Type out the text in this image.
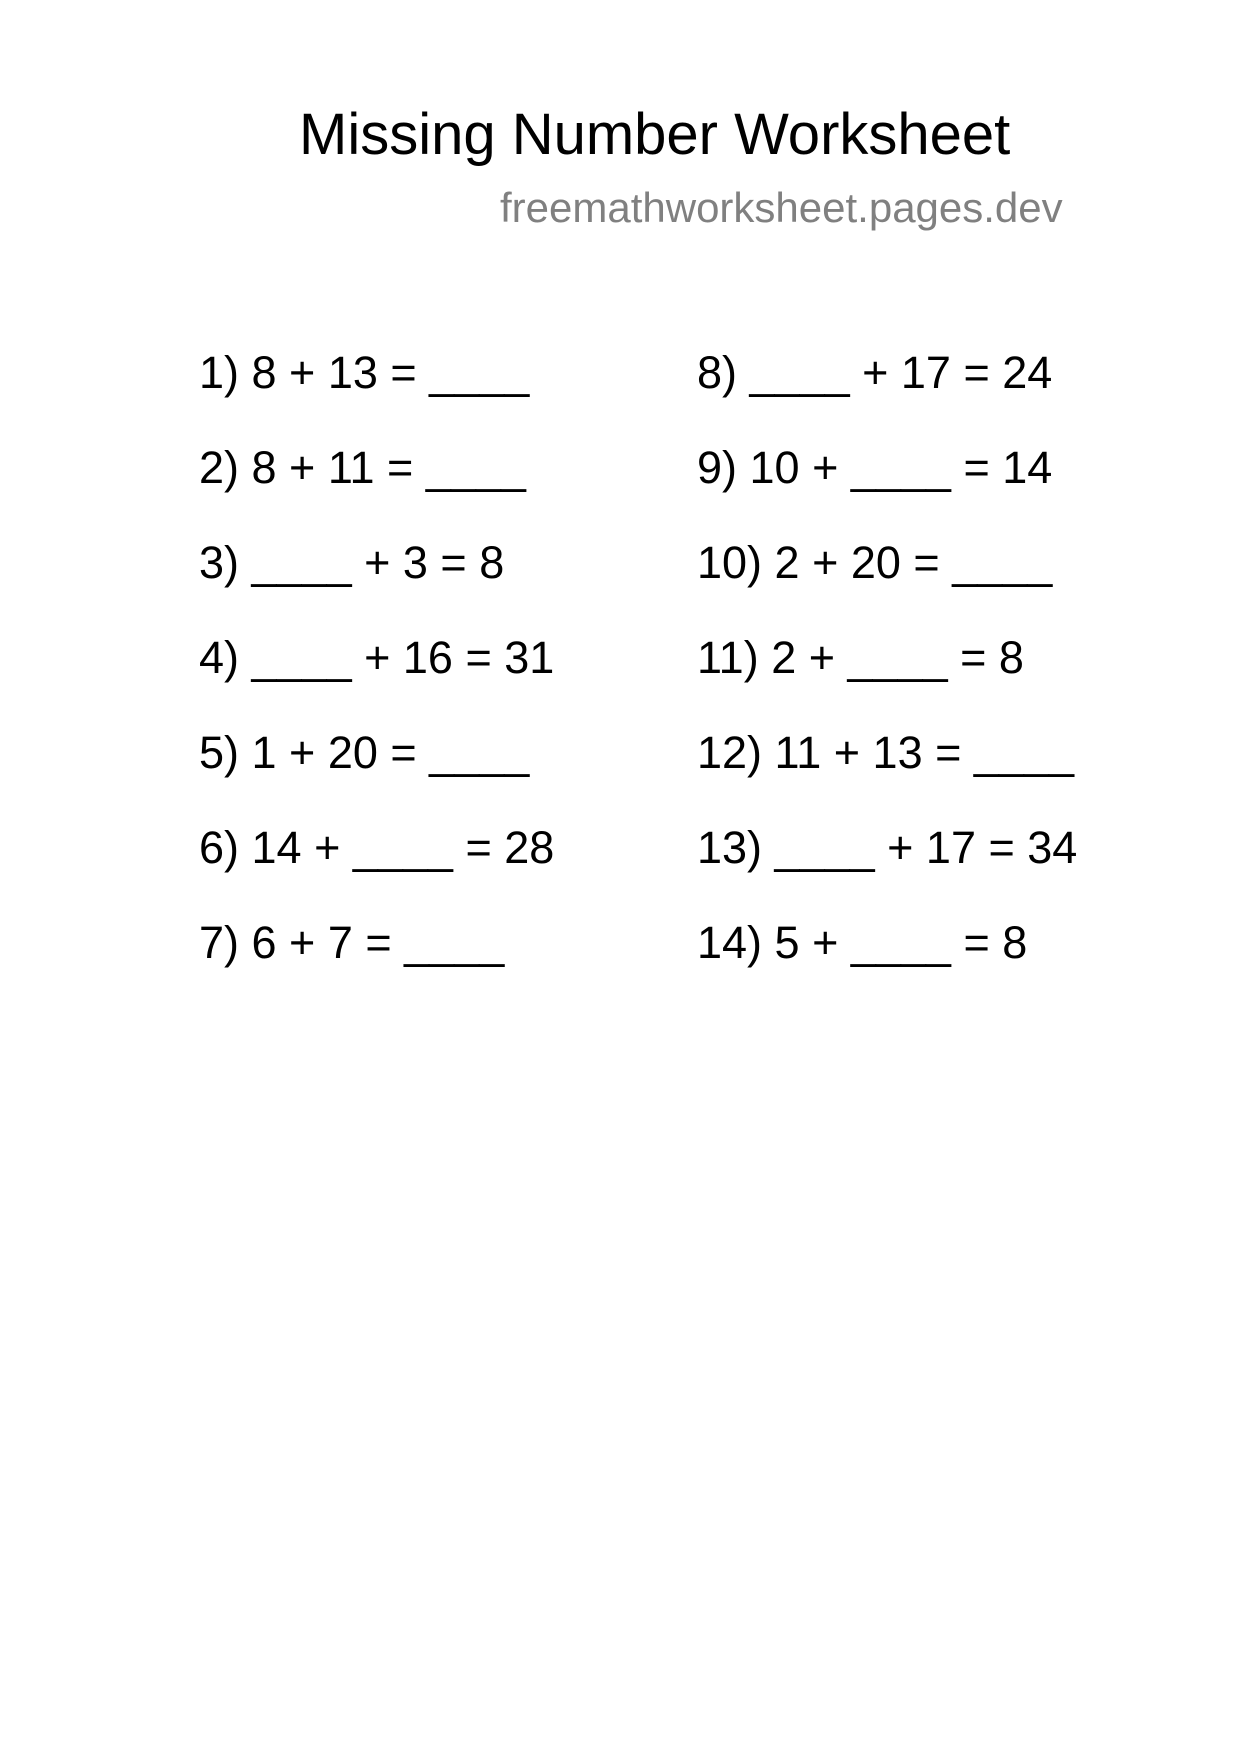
Missing Number Worksheet
freemathworksheet.pages.dev
1) 8 + 13 = ____
2) 8 + 11 = ____
3) ____ + 3 = 8
4) ____ + 16 = 31
5) 1 + 20 = ____
6) 14 + ____ = 28
7) 6 + 7 = ____
8) ____ + 17 = 24
9) 10 + ____ = 14
10) 2 + 20 = ____
11) 2 + ____ = 8
12) 11 + 13 = ____
13) ____ + 17 = 34
14) 5 + ____ = 8
